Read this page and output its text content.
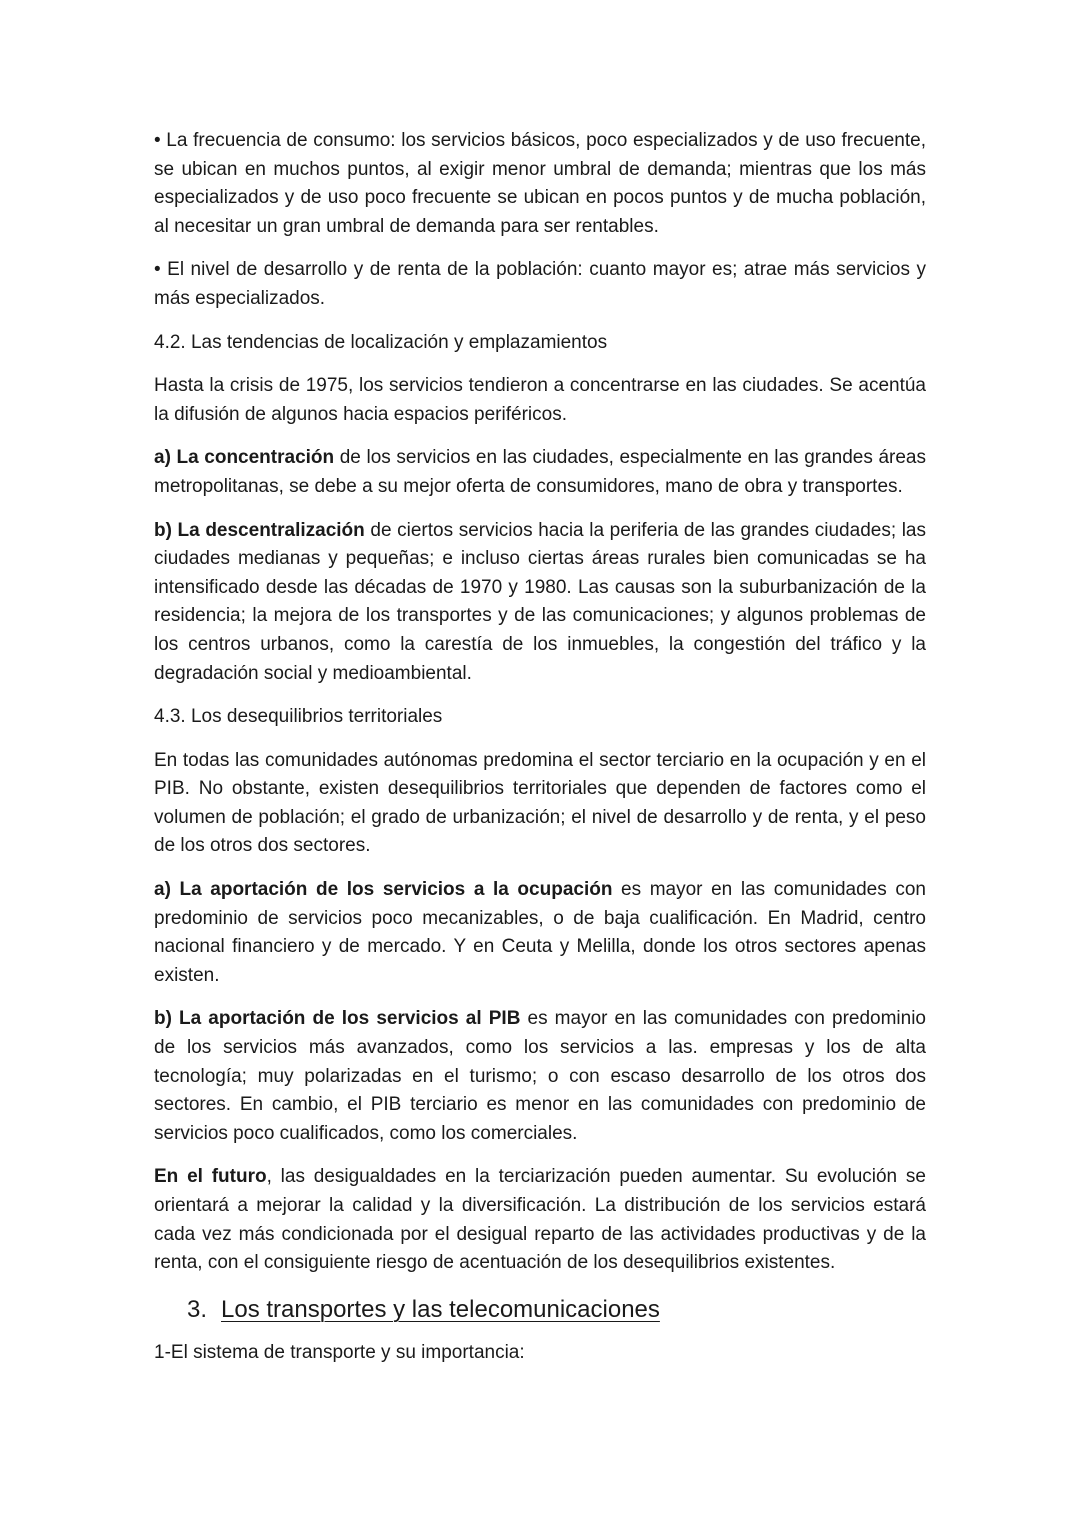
• La frecuencia de consumo: los servicios básicos, poco especializados y de uso frecuente, se ubican en muchos puntos, al exigir menor umbral de demanda; mientras que los más especializados y de uso poco frecuente se ubican en pocos puntos y de mucha población, al necesitar un gran umbral de demanda para ser rentables.

• El nivel de desarrollo y de renta de la población: cuanto mayor es; atrae más servicios y más especializados.

4.2. Las tendencias de localización y emplazamientos

Hasta la crisis de 1975, los servicios tendieron a concentrarse en las ciudades. Se acentúa la difusión de algunos hacia espacios periféricos.

a) La concentración de los servicios en las ciudades, especialmente en las grandes áreas metropolitanas, se debe a su mejor oferta de consumidores, mano de obra y transportes.

b) La descentralización de ciertos servicios hacia la periferia de las grandes ciudades; las ciudades medianas y pequeñas; e incluso ciertas áreas rurales bien comunicadas se ha intensificado desde las décadas de 1970 y 1980. Las causas son la suburbanización de la residencia; la mejora de los transportes y de las comunicaciones; y algunos problemas de los centros urbanos, como la carestía de los inmuebles, la congestión del tráfico y la degradación social y medioambiental.

4.3. Los desequilibrios territoriales

En todas las comunidades autónomas predomina el sector terciario en la ocupación y en el PIB. No obstante, existen desequilibrios territoriales que dependen de factores como el volumen de población; el grado de urbanización; el nivel de desarrollo y de renta, y el peso de los otros dos sectores.

a) La aportación de los servicios a la ocupación es mayor en las comunidades con predominio de servicios poco mecanizables, o de baja cualificación. En Madrid, centro nacional financiero y de mercado. Y en Ceuta y Melilla, donde los otros sectores apenas existen.

b) La aportación de los servicios al PIB es mayor en las comunidades con predominio de los servicios más avanzados, como los servicios a las. empresas y los de alta tecnología; muy polarizadas en el turismo; o con escaso desarrollo de los otros dos sectores. En cambio, el PIB terciario es menor en las comunidades con predominio de servicios poco cualificados, como los comerciales.

En el futuro, las desigualdades en la terciarización pueden aumentar. Su evolución se orientará a mejorar la calidad y la diversificación. La distribución de los servicios estará cada vez más condicionada por el desigual reparto de las actividades productivas y de la renta, con el consiguiente riesgo de acentuación de los desequilibrios existentes.

3. Los transportes y las telecomunicaciones

1-El sistema de transporte y su importancia:
